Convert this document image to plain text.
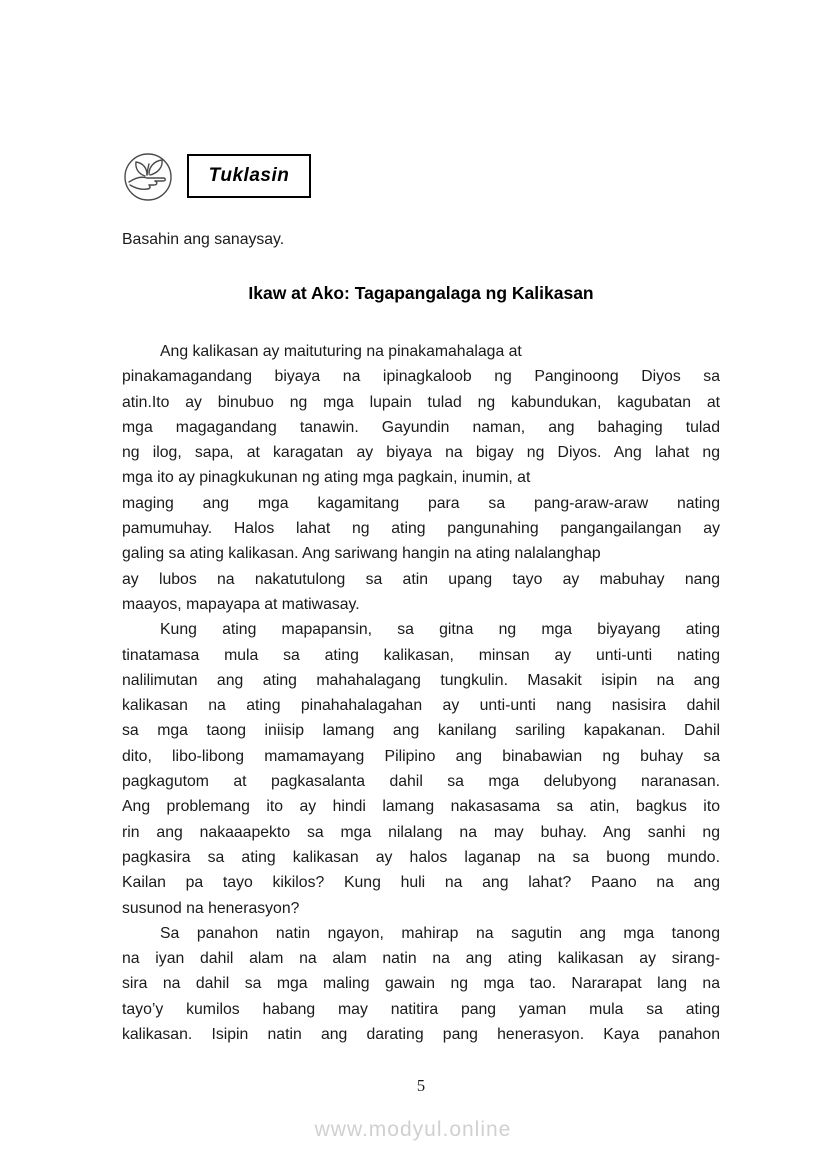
Tuklasin
Basahin ang sanaysay.
Ikaw at Ako: Tagapangalaga ng Kalikasan
Ang kalikasan ay maituturing na pinakamahalaga at
pinakamagandang biyaya na ipinagkaloob ng Panginoong Diyos sa
atin.Ito ay binubuo ng mga lupain tulad ng kabundukan, kagubatan at
mga magagandang tanawin. Gayundin naman, ang bahaging tulad
ng ilog, sapa, at karagatan ay biyaya na bigay ng Diyos. Ang lahat ng
mga ito ay pinagkukunan ng ating mga pagkain, inumin, at
maging ang mga kagamitang para sa pang-araw-araw nating
pamumuhay. Halos lahat ng ating pangunahing pangangailangan ay
galing sa ating kalikasan. Ang sariwang hangin na ating nalalanghap
ay lubos na nakatutulong sa atin upang tayo ay mabuhay nang
maayos, mapayapa at matiwasay.
Kung ating mapapansin, sa gitna ng mga biyayang ating
tinatamasa mula sa ating kalikasan, minsan ay unti-unti nating
nalilimutan ang ating mahahalagang tungkulin. Masakit isipin na ang
kalikasan na ating pinahahalagahan ay unti-unti nang nasisira dahil
sa mga taong iniisip lamang ang kanilang sariling kapakanan. Dahil
dito, libo-libong mamamayang Pilipino ang binabawian ng buhay sa
pagkagutom at pagkasalanta dahil sa mga delubyong naranasan.
Ang problemang ito ay hindi lamang nakasasama sa atin, bagkus ito
rin ang nakaaapekto sa mga nilalang na may buhay. Ang sanhi ng
pagkasira sa ating kalikasan ay halos laganap na sa buong mundo.
Kailan pa tayo kikilos? Kung huli na ang lahat? Paano na ang
susunod na henerasyon?
Sa panahon natin ngayon, mahirap na sagutin ang mga tanong
na iyan dahil alam na alam natin na ang ating kalikasan ay sirang-
sira na dahil sa mga maling gawain ng mga tao. Nararapat lang na
tayo’y kumilos habang may natitira pang yaman mula sa ating
kalikasan. Isipin natin ang darating pang henerasyon. Kaya panahon
5
www.modyul.online
